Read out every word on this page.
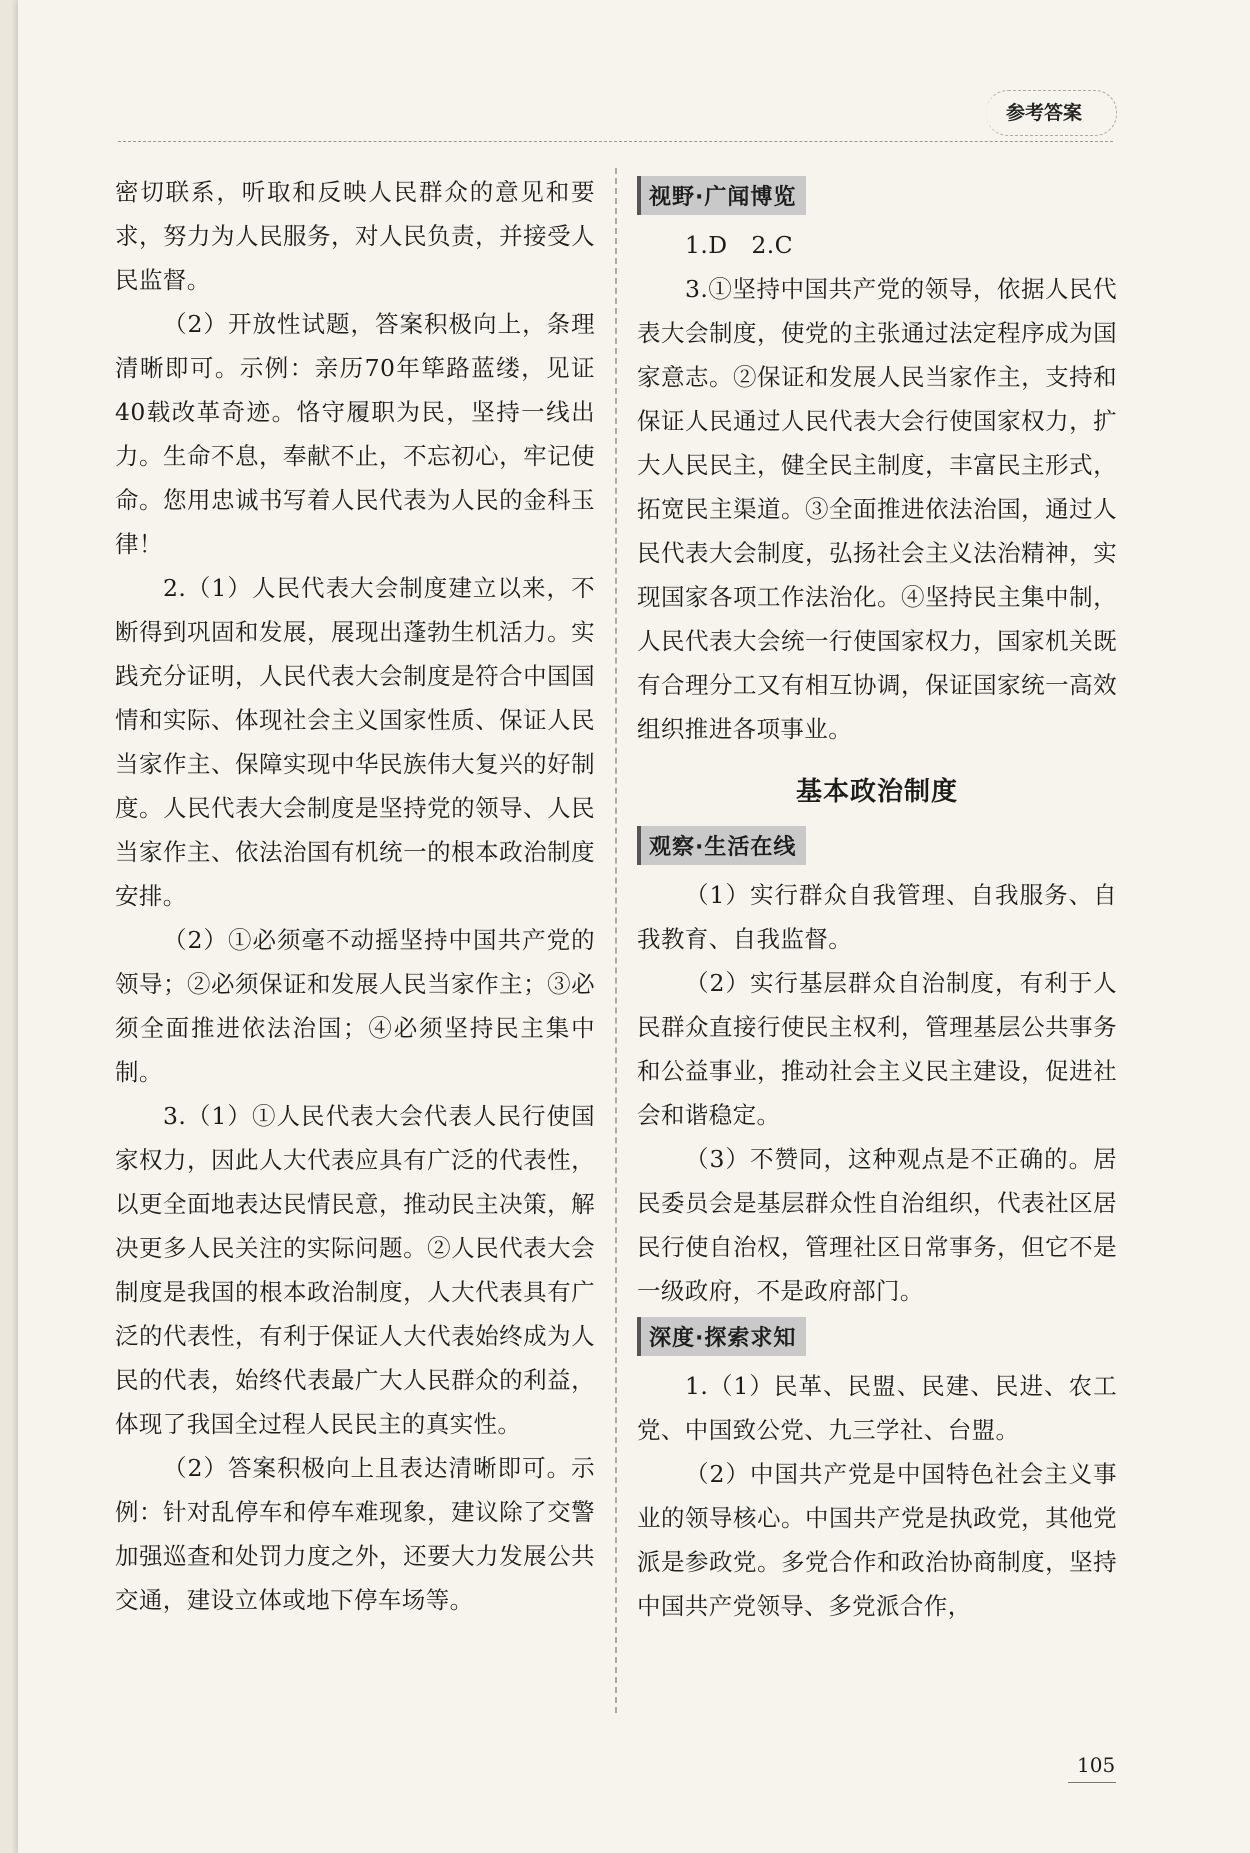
参考答案

密切联系，听取和反映人民群众的意见和要求，努力为人民服务，对人民负责，并接受人民监督。

（2）开放性试题，答案积极向上，条理清晰即可。示例：亲历70年筚路蓝缕，见证40载改革奇迹。恪守履职为民，坚持一线出力。生命不息，奉献不止，不忘初心，牢记使命。您用忠诚书写着人民代表为人民的金科玉律！

2.（1）人民代表大会制度建立以来，不断得到巩固和发展，展现出蓬勃生机活力。实践充分证明，人民代表大会制度是符合中国国情和实际、体现社会主义国家性质、保证人民当家作主、保障实现中华民族伟大复兴的好制度。人民代表大会制度是坚持党的领导、人民当家作主、依法治国有机统一的根本政治制度安排。

（2）①必须毫不动摇坚持中国共产党的领导；②必须保证和发展人民当家作主；③必须全面推进依法治国；④必须坚持民主集中制。

3.（1）①人民代表大会代表人民行使国家权力，因此人大代表应具有广泛的代表性，以更全面地表达民情民意，推动民主决策，解决更多人民关注的实际问题。②人民代表大会制度是我国的根本政治制度，人大代表具有广泛的代表性，有利于保证人大代表始终成为人民的代表，始终代表最广大人民群众的利益，体现了我国全过程人民民主的真实性。

（2）答案积极向上且表达清晰即可。示例：针对乱停车和停车难现象，建议除了交警加强巡查和处罚力度之外，还要大力发展公共交通，建设立体或地下停车场等。

视野·广闻博览

1.D　2.C

3.①坚持中国共产党的领导，依据人民代表大会制度，使党的主张通过法定程序成为国家意志。②保证和发展人民当家作主，支持和保证人民通过人民代表大会行使国家权力，扩大人民民主，健全民主制度，丰富民主形式，拓宽民主渠道。③全面推进依法治国，通过人民代表大会制度，弘扬社会主义法治精神，实现国家各项工作法治化。④坚持民主集中制，人民代表大会统一行使国家权力，国家机关既有合理分工又有相互协调，保证国家统一高效组织推进各项事业。

基本政治制度
观察·生活在线

（1）实行群众自我管理、自我服务、自我教育、自我监督。

（2）实行基层群众自治制度，有利于人民群众直接行使民主权利，管理基层公共事务和公益事业，推动社会主义民主建设，促进社会和谐稳定。

（3）不赞同，这种观点是不正确的。居民委员会是基层群众性自治组织，代表社区居民行使自治权，管理社区日常事务，但它不是一级政府，不是政府部门。

深度·探索求知

1.（1）民革、民盟、民建、民进、农工党、中国致公党、九三学社、台盟。

（2）中国共产党是中国特色社会主义事业的领导核心。中国共产党是执政党，其他党派是参政党。多党合作和政治协商制度，坚持中国共产党领导、多党派合作，

105
